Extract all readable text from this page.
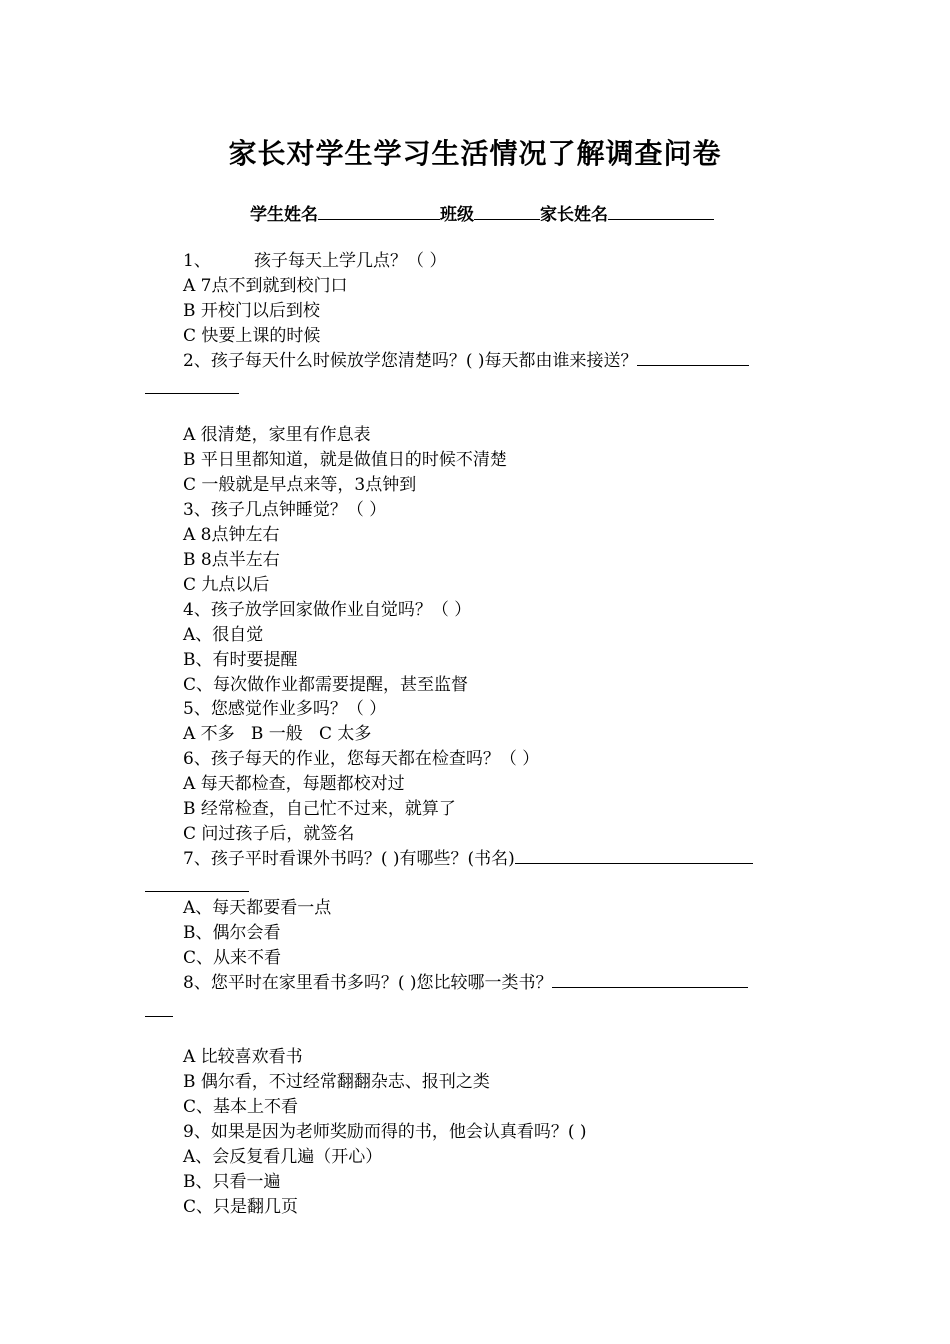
家长对学生学习生活情况了解调查问卷
学生姓名	班级	家长姓名
1、        孩子每天上学几点？（ ）
A 7点不到就到校门口
B 开校门以后到校
C 快要上课的时候
2、孩子每天什么时候放学您清楚吗？( )每天都由谁来接送？
A 很清楚，家里有作息表
B 平日里都知道，就是做值日的时候不清楚
C 一般就是早点来等，3点钟到
3、孩子几点钟睡觉？（ ）
A 8点钟左右
B 8点半左右
C 九点以后
4、孩子放学回家做作业自觉吗？（ ）
A、很自觉
B、有时要提醒
C、每次做作业都需要提醒，甚至监督
5、您感觉作业多吗？（ ）
A 不多   B 一般   C 太多
6、孩子每天的作业，您每天都在检查吗？（ ）
A 每天都检查，每题都校对过
B 经常检查，自己忙不过来，就算了
C 问过孩子后，就签名
7、孩子平时看课外书吗？( )有哪些？(书名)
A、每天都要看一点
B、偶尔会看
C、从来不看
8、您平时在家里看书多吗？( )您比较哪一类书？
A 比较喜欢看书
B 偶尔看，不过经常翻翻杂志、报刊之类
C、基本上不看
9、如果是因为老师奖励而得的书，他会认真看吗？( )
A、会反复看几遍（开心）
B、只看一遍
C、只是翻几页
